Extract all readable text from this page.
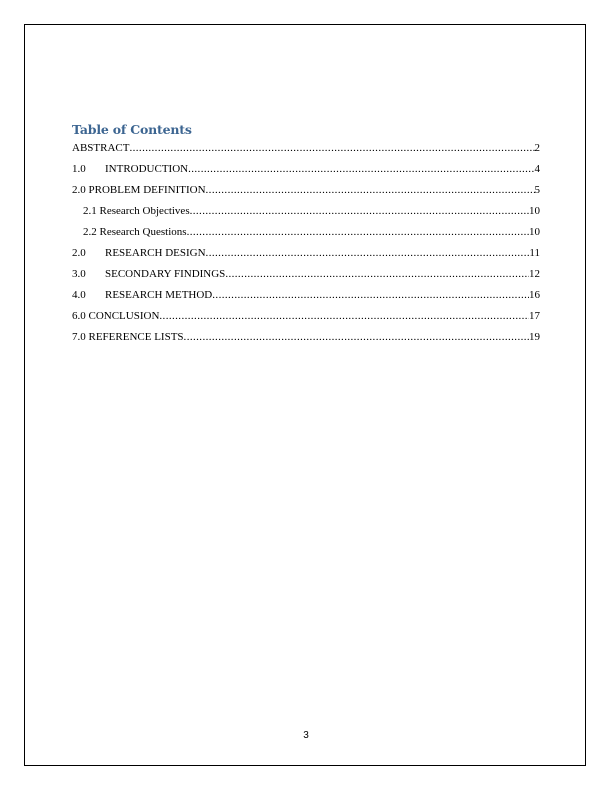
Table of Contents
ABSTRACT .....	2
1.0	INTRODUCTION .....	4
2.0 PROBLEM DEFINITION .....	5
2.1 Research Objectives .....	10
2.2 Research Questions .....	10
2.0	RESEARCH DESIGN .....	11
3.0	SECONDARY FINDINGS .....	12
4.0	RESEARCH METHOD .....	16
6.0 CONCLUSION .....	17
7.0 REFERENCE LISTS .....	19
3
